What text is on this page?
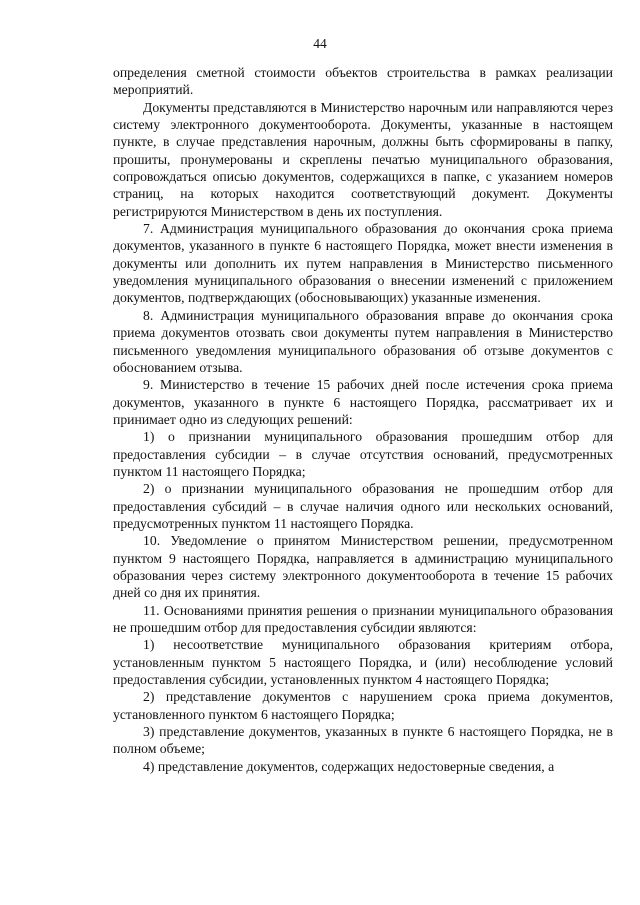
44

определения сметной стоимости объектов строительства в рамках реализации мероприятий.

Документы представляются в Министерство нарочным или направляются через систему электронного документооборота. Документы, указанные в настоящем пункте, в случае представления нарочным, должны быть сформированы в папку, прошиты, пронумерованы и скреплены печатью муниципального образования, сопровождаться описью документов, содержащихся в папке, с указанием номеров страниц, на которых находится соответствующий документ. Документы регистрируются Министерством в день их поступления.

7. Администрация муниципального образования до окончания срока приема документов, указанного в пункте 6 настоящего Порядка, может внести изменения в документы или дополнить их путем направления в Министерство письменного уведомления муниципального образования о внесении изменений с приложением документов, подтверждающих (обосновывающих) указанные изменения.

8. Администрация муниципального образования вправе до окончания срока приема документов отозвать свои документы путем направления в Министерство письменного уведомления муниципального образования об отзыве документов с обоснованием отзыва.

9. Министерство в течение 15 рабочих дней после истечения срока приема документов, указанного в пункте 6 настоящего Порядка, рассматривает их и принимает одно из следующих решений:

1) о признании муниципального образования прошедшим отбор для предоставления субсидии – в случае отсутствия оснований, предусмотренных пунктом 11 настоящего Порядка;

2) о признании муниципального образования не прошедшим отбор для предоставления субсидий – в случае наличия одного или нескольких оснований, предусмотренных пунктом 11 настоящего Порядка.

10. Уведомление о принятом Министерством решении, предусмотренном пунктом 9 настоящего Порядка, направляется в администрацию муниципального образования через систему электронного документооборота в течение 15 рабочих дней со дня их принятия.

11. Основаниями принятия решения о признании муниципального образования не прошедшим отбор для предоставления субсидии являются:

1) несоответствие муниципального образования критериям отбора, установленным пунктом 5 настоящего Порядка, и (или) несоблюдение условий предоставления субсидии, установленных пунктом 4 настоящего Порядка;

2) представление документов с нарушением срока приема документов, установленного пунктом 6 настоящего Порядка;

3) представление документов, указанных в пункте 6 настоящего Порядка, не в полном объеме;

4) представление документов, содержащих недостоверные сведения, а
